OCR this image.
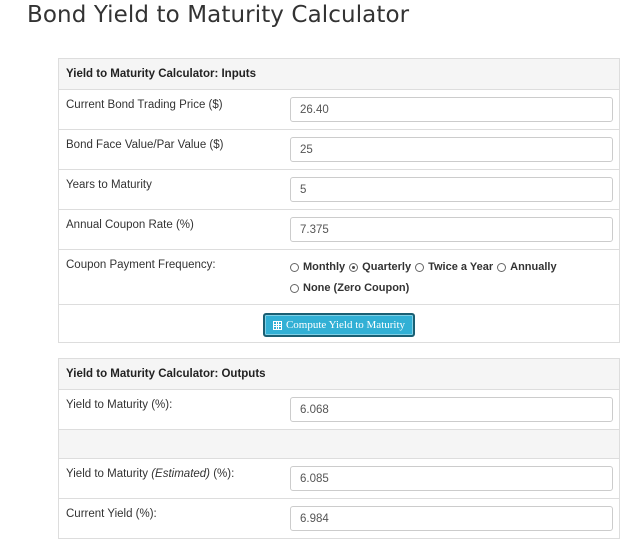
Bond Yield to Maturity Calculator
Yield to Maturity Calculator: Inputs
Current Bond Trading Price ($)
26.40
Bond Face Value/Par Value ($)
25
Years to Maturity
5
Annual Coupon Rate (%)
7.375
Coupon Payment Frequency:	Monthly Quarterly Twice a Year Annually
None (Zero Coupon)
Compute Yield to Maturity
Yield to Maturity Calculator: Outputs
Yield to Maturity (%):
6.068
Yield to Maturity (Estimated) (%):
6.085
Current Yield (%):
6.984
